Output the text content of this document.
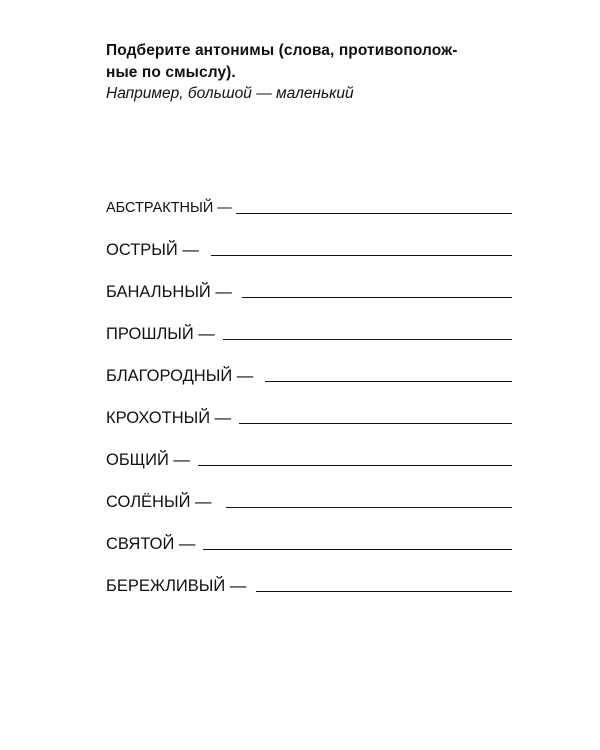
Подберите антонимы (слова, противополож-
ные по смыслу).
Например, большой — маленький
АБСТРАКТНЫЙ —
ОСТРЫЙ —
БАНАЛЬНЫЙ —
ПРОШЛЫЙ —
БЛАГОРОДНЫЙ —
КРОХОТНЫЙ —
ОБЩИЙ —
СОЛЁНЫЙ —
СВЯТОЙ —
БЕРЕЖЛИВЫЙ —
